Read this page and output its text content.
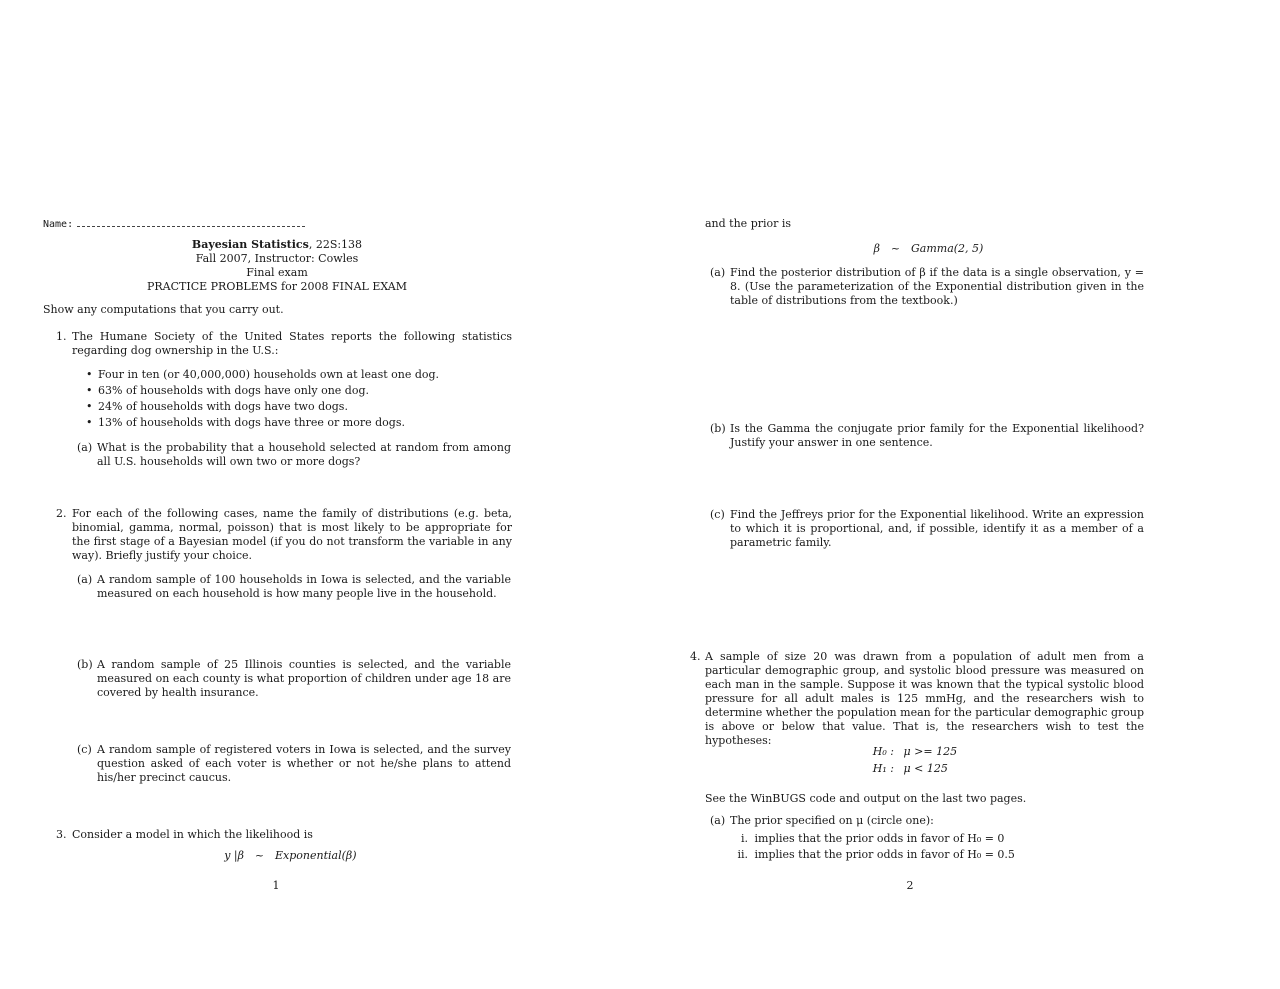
Name:
Bayesian Statistics, 22S:138
Fall 2007, Instructor: Cowles
Final exam
PRACTICE PROBLEMS for 2008 FINAL EXAM
Show any computations that you carry out.
1. The Humane Society of the United States reports the following statistics regarding dog ownership in the U.S.:
• Four in ten (or 40,000,000) households own at least one dog.
• 63% of households with dogs have only one dog.
• 24% of households with dogs have two dogs.
• 13% of households with dogs have three or more dogs.
(a) What is the probability that a household selected at random from among all U.S. households will own two or more dogs?
2. For each of the following cases, name the family of distributions (e.g. beta, binomial, gamma, normal, poisson) that is most likely to be appropriate for the first stage of a Bayesian model (if you do not transform the variable in any way). Briefly justify your choice.
(a) A random sample of 100 households in Iowa is selected, and the variable measured on each household is how many people live in the household.
(b) A random sample of 25 Illinois counties is selected, and the variable measured on each county is what proportion of children under age 18 are covered by health insurance.
(c) A random sample of registered voters in Iowa is selected, and the survey question asked of each voter is whether or not he/she plans to attend his/her precinct caucus.
3. Consider a model in which the likelihood is
y |β ~ Exponential(β)
1
and the prior is
β ~ Gamma(2, 5)
(a) Find the posterior distribution of β if the data is a single observation, y = 8. (Use the parameterization of the Exponential distribution given in the table of distributions from the textbook.)
(b) Is the Gamma the conjugate prior family for the Exponential likelihood? Justify your answer in one sentence.
(c) Find the Jeffreys prior for the Exponential likelihood. Write an expression to which it is proportional, and, if possible, identify it as a member of a parametric family.
4. A sample of size 20 was drawn from a population of adult men from a particular demographic group, and systolic blood pressure was measured on each man in the sample. Suppose it was known that the typical systolic blood pressure for all adult males is 125 mmHg, and the researchers wish to determine whether the population mean for the particular demographic group is above or below that value. That is, the researchers wish to test the hypotheses:
H₀ : μ >= 125
H₁ : μ < 125
See the WinBUGS code and output on the last two pages.
(a) The prior specified on μ (circle one):
i. implies that the prior odds in favor of H₀ = 0
ii. implies that the prior odds in favor of H₀ = 0.5
2
